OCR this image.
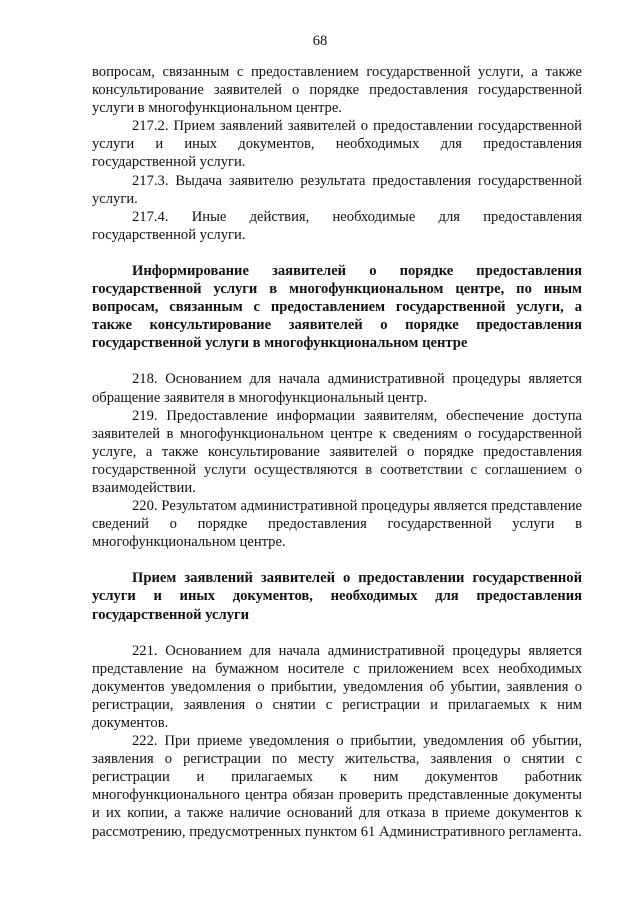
68

вопросам, связанным с предоставлением государственной услуги, а также консультирование заявителей о порядке предоставления государственной услуги в многофункциональном центре.

217.2. Прием заявлений заявителей о предоставлении государственной услуги и иных документов, необходимых для предоставления государственной услуги.

217.3. Выдача заявителю результата предоставления государственной услуги.

217.4. Иные действия, необходимые для предоставления государственной услуги.

Информирование заявителей о порядке предоставления государственной услуги в многофункциональном центре, по иным вопросам, связанным с предоставлением государственной услуги, а также консультирование заявителей о порядке предоставления государственной услуги в многофункциональном центре

218. Основанием для начала административной процедуры является обращение заявителя в многофункциональный центр.

219. Предоставление информации заявителям, обеспечение доступа заявителей в многофункциональном центре к сведениям о государственной услуге, а также консультирование заявителей о порядке предоставления государственной услуги осуществляются в соответствии с соглашением о взаимодействии.

220. Результатом административной процедуры является представление сведений о порядке предоставления государственной услуги в многофункциональном центре.

Прием заявлений заявителей о предоставлении государственной услуги и иных документов, необходимых для предоставления государственной услуги

221. Основанием для начала административной процедуры является представление на бумажном носителе с приложением всех необходимых документов уведомления о прибытии, уведомления об убытии, заявления о регистрации, заявления о снятии с регистрации и прилагаемых к ним документов.

222. При приеме уведомления о прибытии, уведомления об убытии, заявления о регистрации по месту жительства, заявления о снятии с регистрации и прилагаемых к ним документов работник многофункционального центра обязан проверить представленные документы и их копии, а также наличие оснований для отказа в приеме документов к рассмотрению, предусмотренных пунктом 61 Административного регламента.
